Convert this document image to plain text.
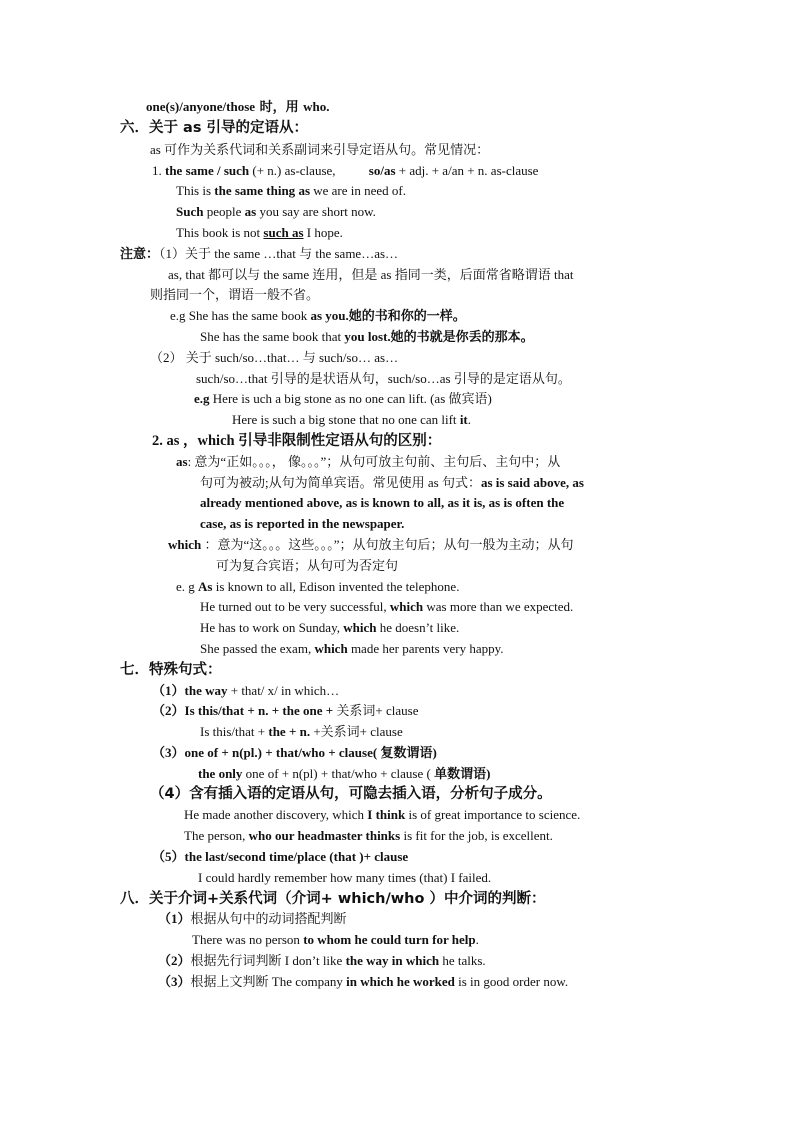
one(s)/anyone/those 时，用 who.
六．关于 as 引导的定语从：
as 可作为关系代词和关系副词来引导定语从句。常见情况：
1. the same / such (+ n.) as-clause,	so/as + adj. + a/an + n. as-clause
This is the same thing as we are in need of.
Such people as you say are short now.
This book is not such as I hope.
注意：（1）关于 the same …that 与 the same…as…
as, that 都可以与 the same 连用，但是 as 指同一类，后面常省略谓语 that
则指同一个，谓语一般不省。
e.g She has the same book as you.她的书和你的一样。
She has the same book that you lost.她的书就是你丢的那本。
（2） 关于 such/so…that… 与 such/so… as…
such/so…that 引导的是状语从句，such/so…as 引导的是定语从句。
e.g Here is uch a big stone as no one can lift. (as 做宾语)
Here is such a big stone that no one can lift it.
2. as ，which 引导非限制性定语从句的区别：
as: 意为“正如。。。， 像。。。”；从句可放主句前、主句后、主句中；从
句可为被动;从句为简单宾语。常见使用 as 句式：as is said above, as
already mentioned above, as is known to all, as it is, as is often the
case, as is reported in the newspaper.
which ：意为“这。。。这些。。。”；从句放主句后；从句一般为主动；从句
可为复合宾语；从句可为否定句
e. g As is known to all, Edison invented the telephone.
He turned out to be very successful, which was more than we expected.
He has to work on Sunday, which he doesn’t like.
She passed the exam, which made her parents very happy.
七．特殊句式：
（1）the way + that/ x/ in which…
（2）Is this/that + n. + the one + 关系词+ clause
Is this/that + the + n. +关系词+ clause
（3）one of + n(pl.) + that/who + clause( 复数谓语)
the only one of + n(pl) + that/who + clause ( 单数谓语)
（4）含有插入语的定语从句，可隐去插入语，分析句子成分。
He made another discovery, which I think is of great importance to science.
The person, who our headmaster thinks is fit for the job, is excellent.
（5）the last/second time/place (that )+ clause
I could hardly remember how many times (that) I failed.
八．关于介词+关系代词（介词+ which/who ）中介词的判断：
（1）根据从句中的动词搭配判断
There was no person to whom he could turn for help.
（2）根据先行词判断 I don’t like the way in which he talks.
（3）根据上文判断 The company in which he worked is in good order now.
